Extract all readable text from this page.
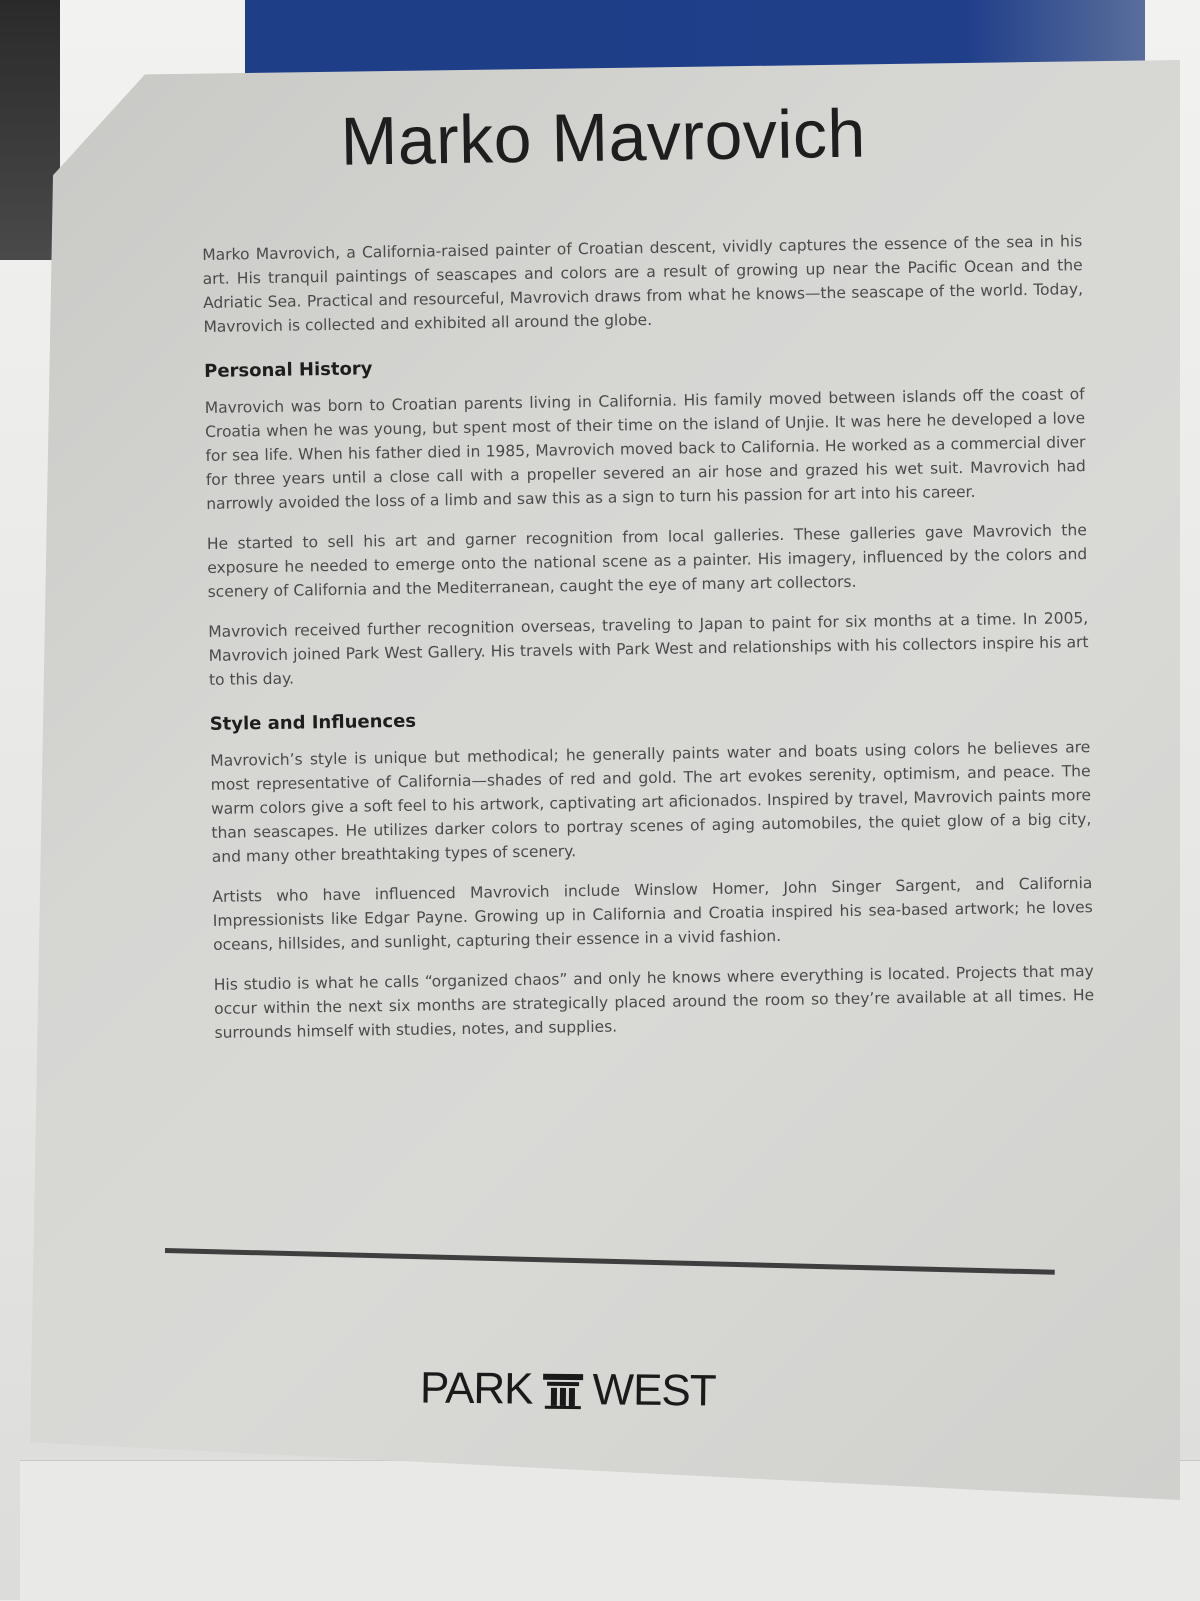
Marko Mavrovich

Marko Mavrovich, a California-raised painter of Croatian descent, vividly captures the essence of the sea in his art. His tranquil paintings of seascapes and colors are a result of growing up near the Pacific Ocean and the Adriatic Sea. Practical and resourceful, Mavrovich draws from what he knows—the seascape of the world. Today, Mavrovich is collected and exhibited all around the globe.

Personal History

Mavrovich was born to Croatian parents living in California. His family moved between islands off the coast of Croatia when he was young, but spent most of their time on the island of Unjie. It was here he developed a love for sea life. When his father died in 1985, Mavrovich moved back to California. He worked as a commercial diver for three years until a close call with a propeller severed an air hose and grazed his wet suit. Mavrovich had narrowly avoided the loss of a limb and saw this as a sign to turn his passion for art into his career.

He started to sell his art and garner recognition from local galleries. These galleries gave Mavrovich the exposure he needed to emerge onto the national scene as a painter. His imagery, influenced by the colors and scenery of California and the Mediterranean, caught the eye of many art collectors.

Mavrovich received further recognition overseas, traveling to Japan to paint for six months at a time. In 2005, Mavrovich joined Park West Gallery. His travels with Park West and relationships with his collectors inspire his art to this day.

Style and Influences

Mavrovich’s style is unique but methodical; he generally paints water and boats using colors he believes are most representative of California—shades of red and gold. The art evokes serenity, optimism, and peace. The warm colors give a soft feel to his artwork, captivating art aficionados. Inspired by travel, Mavrovich paints more than seascapes. He utilizes darker colors to portray scenes of aging automobiles, the quiet glow of a big city, and many other breathtaking types of scenery.

Artists who have influenced Mavrovich include Winslow Homer, John Singer Sargent, and California Impressionists like Edgar Payne. Growing up in California and Croatia inspired his sea-based artwork; he loves oceans, hillsides, and sunlight, capturing their essence in a vivid fashion.

His studio is what he calls “organized chaos” and only he knows where everything is located. Projects that may occur within the next six months are strategically placed around the room so they’re available at all times. He surrounds himself with studies, notes, and supplies.

PARK WEST
